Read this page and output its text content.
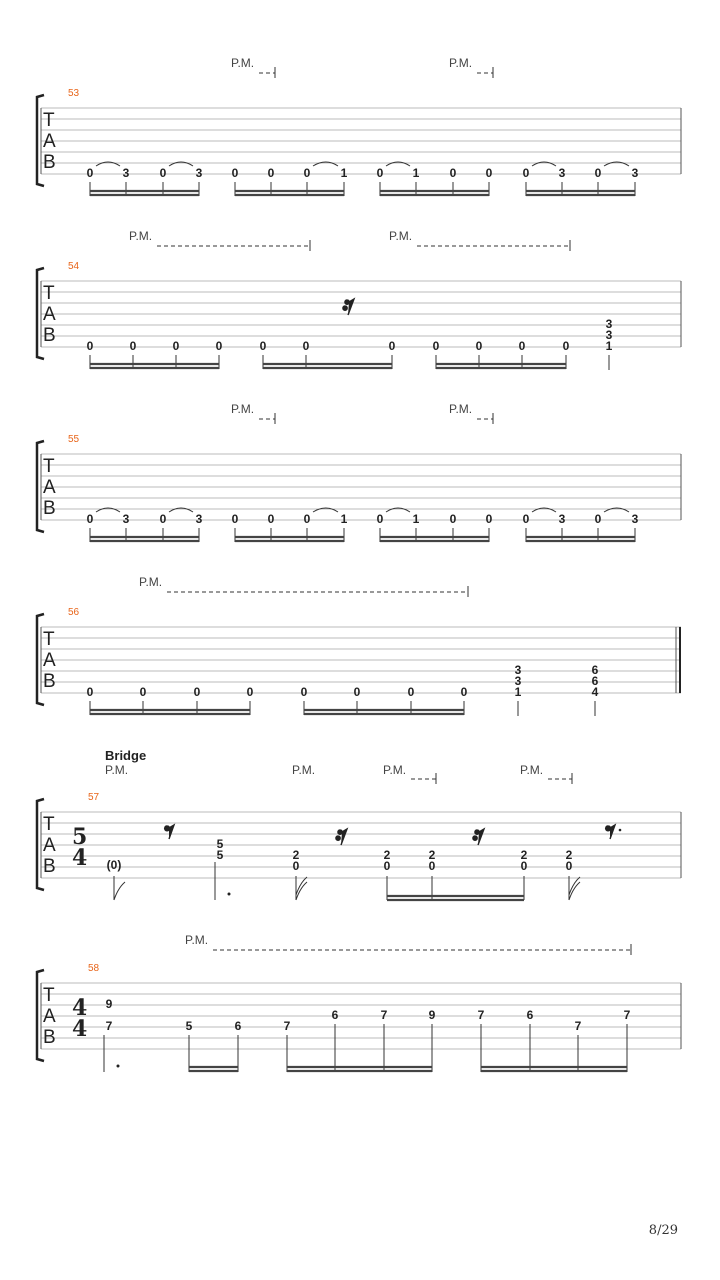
P.M.	P.M.
53
T
A
B	0 3	0 3 0 0 0	1 0 1	0 0	0 3 0	3
P.M.	P.M.
54
T
A
B	0	0	0	0	0	0	0	0	0	0	0
3
3
1
P.M.	P.M.
55
T
A
B	0 3	0 3 0 0 0	1 0 1	0 0	0 3 0	3
P.M.
56
T
A
B	0	0	0	0	0	0	0	0
3
3
1
6
6
4
Bridge
P.M.	P.M.	P.M.	P.M.
57
T
A
B
5
4 (0)
5
5	2
0
2
0
2
0
2
0
2
0
P.M.
58
T
A
B
4
4
9
7	5	6	7
6	7	9	7	6
7
7
8/29
